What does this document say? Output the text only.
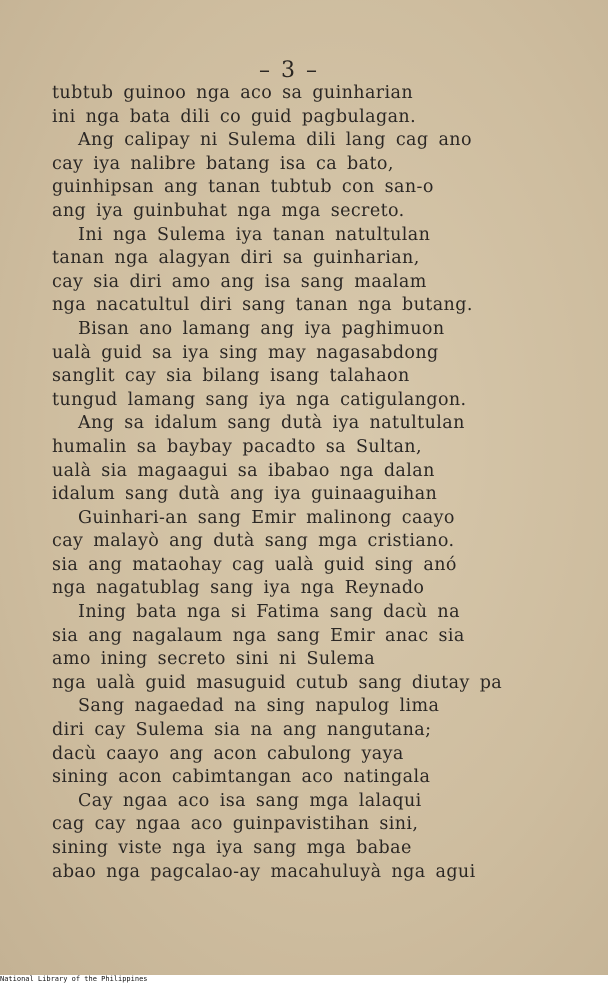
– 3 –
tubtub guinoo nga aco sa guinharian
ini nga bata dili co guid pagbulagan.
Ang calipay ni Sulema dili lang cag ano
cay iya nalibre batang isa ca bato,
guinhipsan ang tanan tubtub con san-o
ang iya guinbuhat nga mga secreto.
Ini nga Sulema iya tanan natultulan
tanan nga alagyan diri sa guinharian,
cay sia diri amo ang isa sang maalam
nga nacatultul diri sang tanan nga butang.
Bisan ano lamang ang iya paghimuon
ualà guid sa iya sing may nagasabdong
sanglit cay sia bilang isang talahaon
tungud lamang sang iya nga catigulangon.
Ang sa idalum sang dutà iya natultulan
humalin sa baybay pacadto sa Sultan,
ualà sia magaagui sa ibabao nga dalan
idalum sang dutà ang iya guinaaguihan
Guinhari-an sang Emir malinong caayo
cay malayò ang dutà sang mga cristiano.
sia ang mataohay cag ualà guid sing anó
nga nagatublag sang iya nga Reynado
Ining bata nga si Fatima sang dacù na
sia ang nagalaum nga sang Emir anac sia
amo ining secreto sini ni Sulema
nga ualà guid masuguid cutub sang diutay pa
Sang nagaedad na sing napulog lima
diri cay Sulema sia na ang nangutana;
dacù caayo ang acon cabulong yaya
sining acon cabimtangan aco natingala
Cay ngaa aco isa sang mga lalaqui
cag cay ngaa aco guinpavistihan sini,
sining viste nga iya sang mga babae
abao nga pagcalao-ay macahuluyà nga agui
National Library of the Philippines
